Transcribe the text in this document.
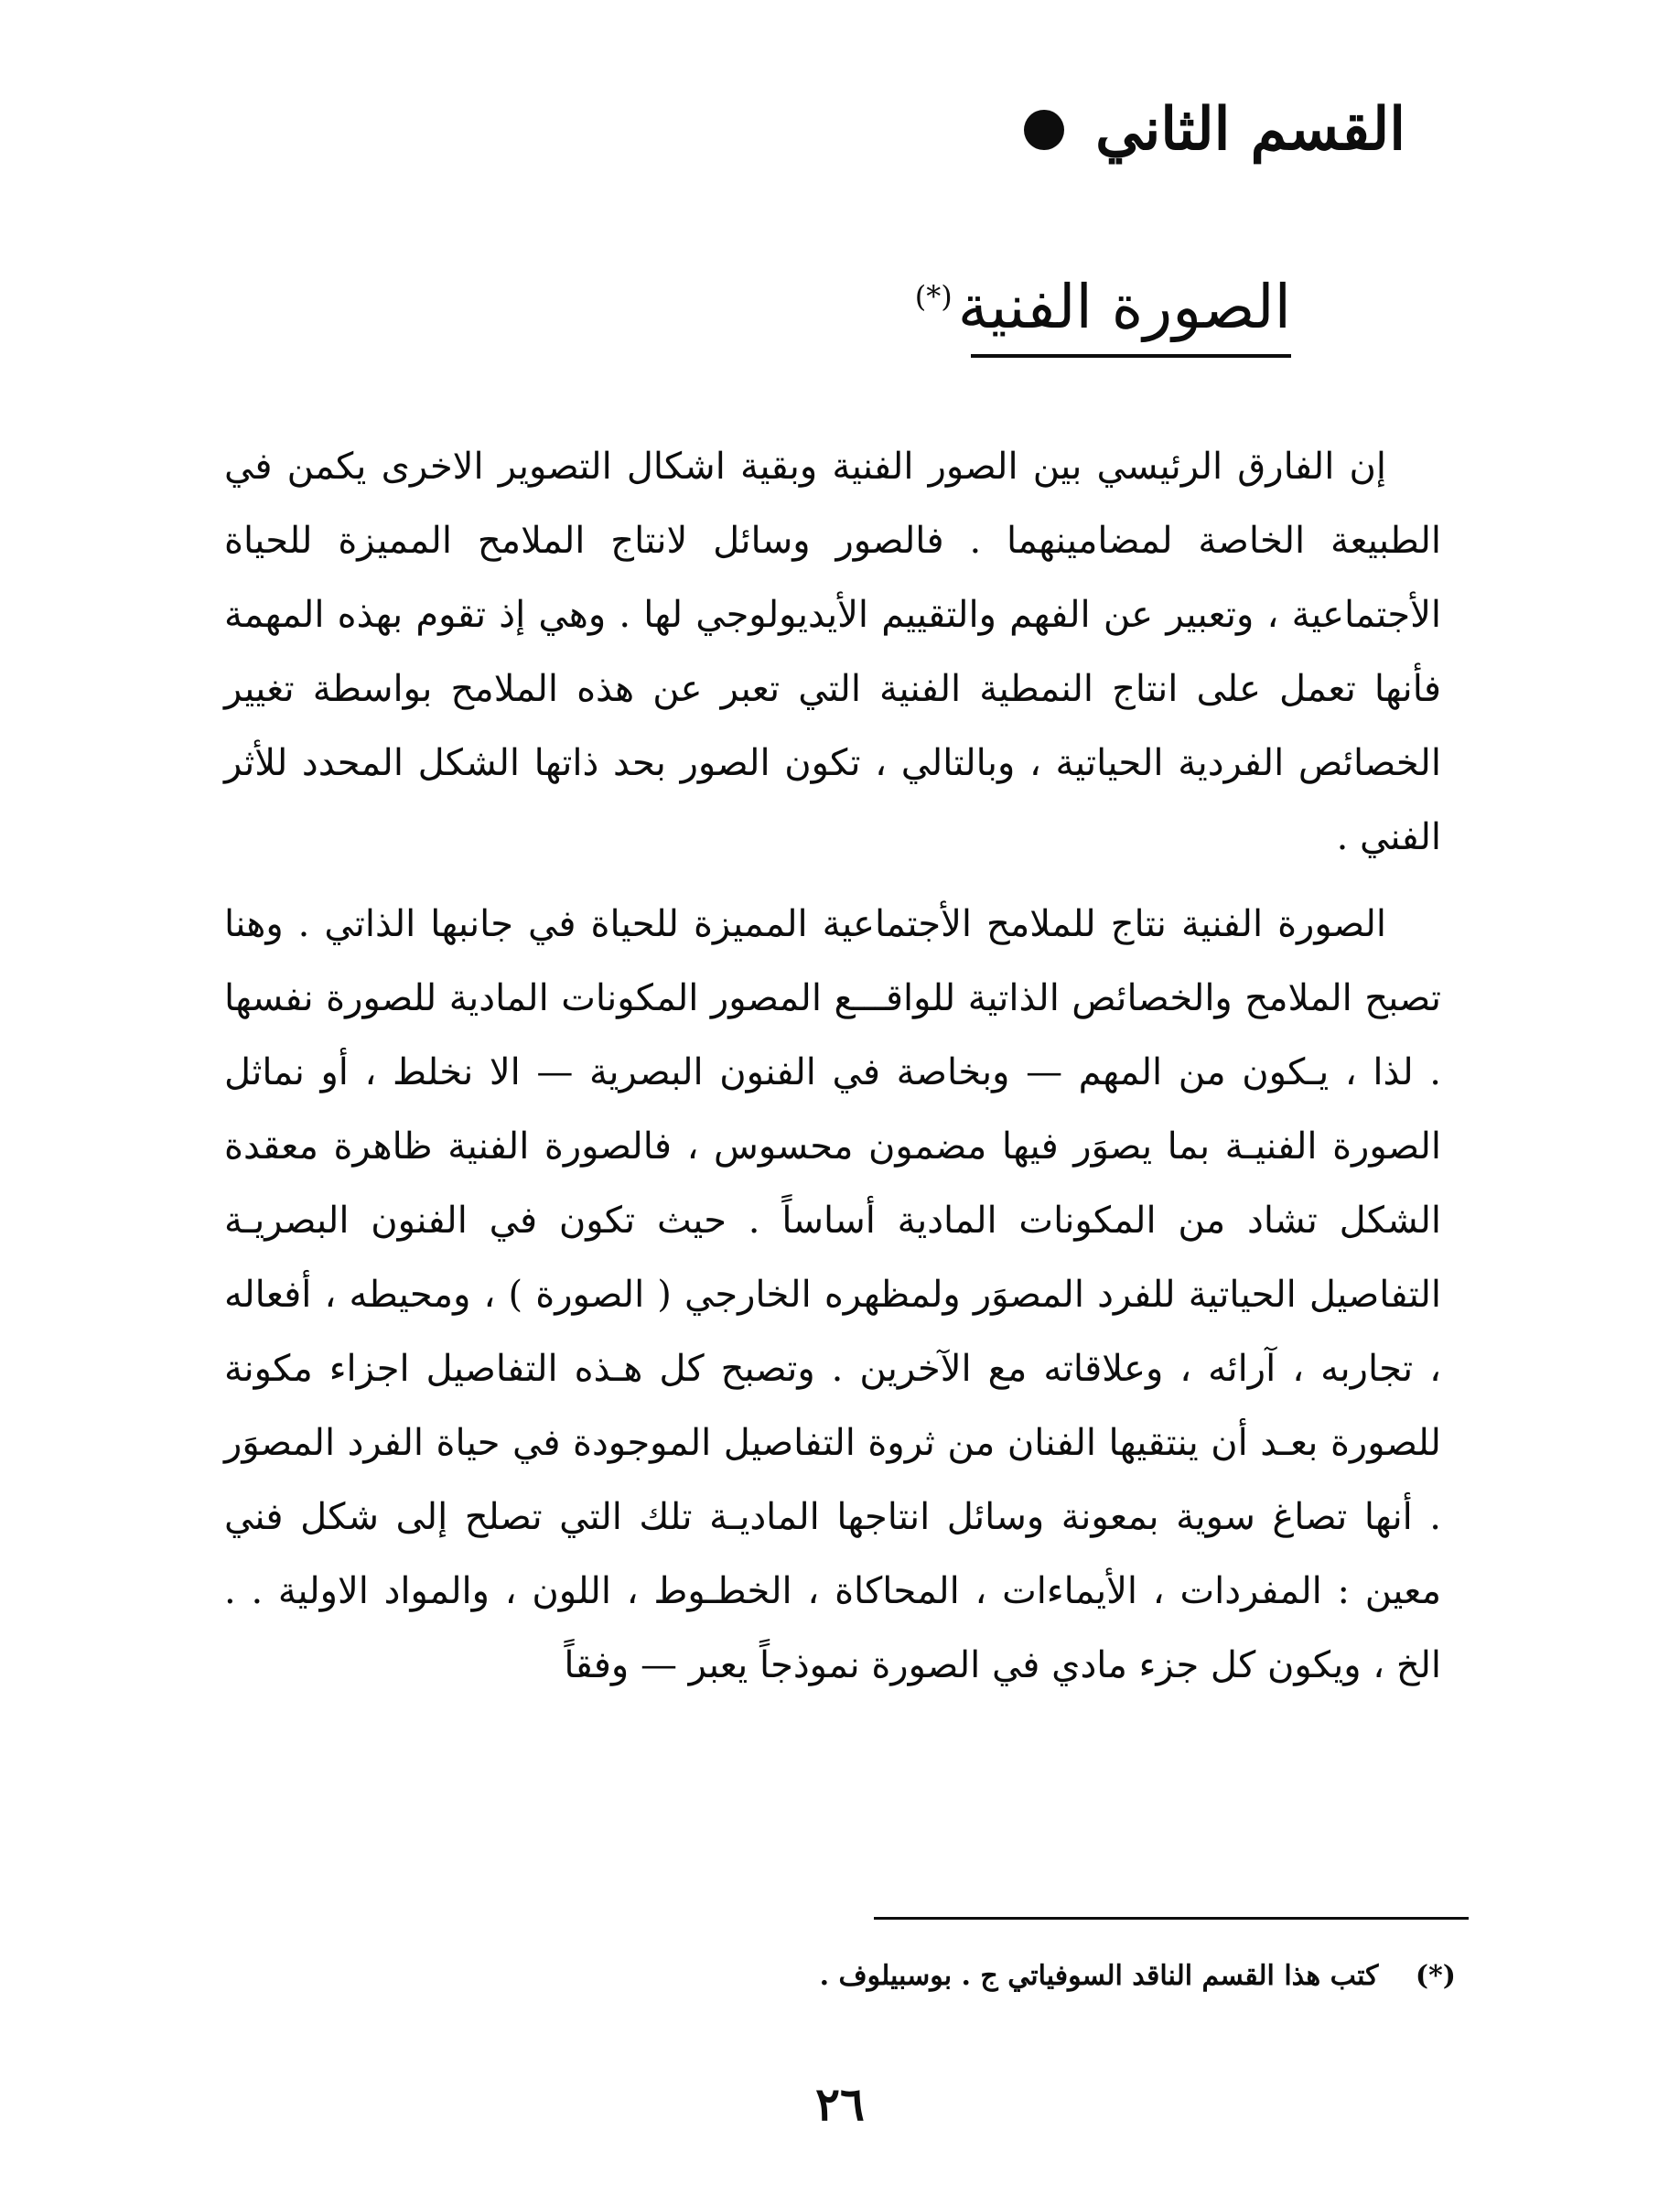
القسم الثاني
الصورة الفنية(*)

إن الفارق الرئيسي بين الصور الفنية وبقية اشكال التصوير الاخرى يكمن في الطبيعة الخاصة لمضامينهما . فالصور وسائل لانتاج الملامح المميزة للحياة الأجتماعية ، وتعبير عن الفهم والتقييم الأيديولوجي لها . وهي إذ تقوم بهذه المهمة فأنها تعمل على انتاج النمطية الفنية التي تعبر عن هذه الملامح بواسطة تغيير الخصائص الفردية الحياتية ، وبالتالي ، تكون الصور بحد ذاتها الشكل المحدد للأثر الفني .

الصورة الفنية نتاج للملامح الأجتماعية المميزة للحياة في جانبها الذاتي . وهنا تصبح الملامح والخصائص الذاتية للواقـــع المصور المكونات المادية للصورة نفسها . لذا ، يـكون من المهم — وبخاصة في الفنون البصرية — الا نخلط ، أو نماثل الصورة الفنيـة بما يصوَر فيها مضمون محسوس ، فالصورة الفنية ظاهرة معقدة الشكل تشاد من المكونات المادية أساساً . حيث تكون في الفنون البصريـة التفاصيل الحياتية للفرد المصوَر ولمظهره الخارجي ( الصورة ) ، ومحيطه ، أفعاله ، تجاربه ، آرائه ، وعلاقاته مع الآخرين . وتصبح كل هـذه التفاصيل اجزاء مكونة للصورة بعـد أن ينتقيها الفنان من ثروة التفاصيل الموجودة في حياة الفرد المصوَر . أنها تصاغ سوية بمعونة وسائل انتاجها الماديـة تلك التي تصلح إلى شكل فني معين : المفردات ، الأيماءات ، المحاكاة ، الخطـوط ، اللون ، والمواد الاولية . . الخ ، ويكون كل جزء مادي في الصورة نموذجاً يعبر — وفقاً

(*) كتب هذا القسم الناقد السوفياتي ج . بوسبيلوف .
٢٦
